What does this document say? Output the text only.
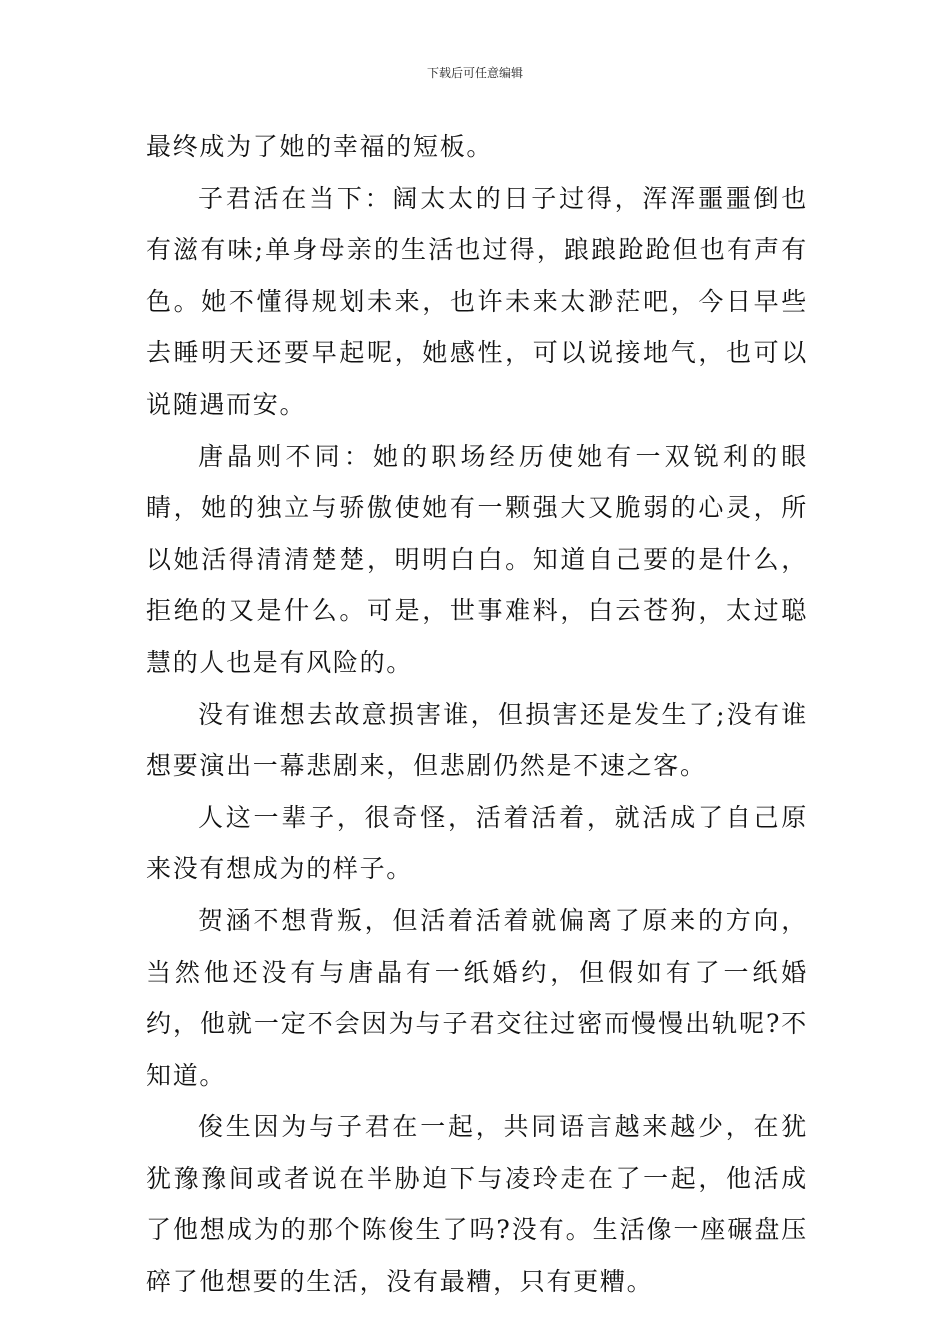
下载后可任意编辑

最终成为了她的幸福的短板。

子君活在当下：阔太太的日子过得，浑浑噩噩倒也有滋有味;单身母亲的生活也过得，踉踉跄跄但也有声有色。她不懂得规划未来，也许未来太渺茫吧，今日早些去睡明天还要早起呢，她感性，可以说接地气，也可以说随遇而安。

唐晶则不同：她的职场经历使她有一双锐利的眼睛，她的独立与骄傲使她有一颗强大又脆弱的心灵，所以她活得清清楚楚，明明白白。知道自己要的是什么，拒绝的又是什么。可是，世事难料，白云苍狗，太过聪慧的人也是有风险的。

没有谁想去故意损害谁，但损害还是发生了;没有谁想要演出一幕悲剧来，但悲剧仍然是不速之客。

人这一辈子，很奇怪，活着活着，就活成了自己原来没有想成为的样子。

贺涵不想背叛，但活着活着就偏离了原来的方向，当然他还没有与唐晶有一纸婚约，但假如有了一纸婚约，他就一定不会因为与子君交往过密而慢慢出轨呢?不知道。

俊生因为与子君在一起，共同语言越来越少，在犹犹豫豫间或者说在半胁迫下与凌玲走在了一起，他活成了他想成为的那个陈俊生了吗?没有。生活像一座碾盘压碎了他想要的生活，没有最糟，只有更糟。
